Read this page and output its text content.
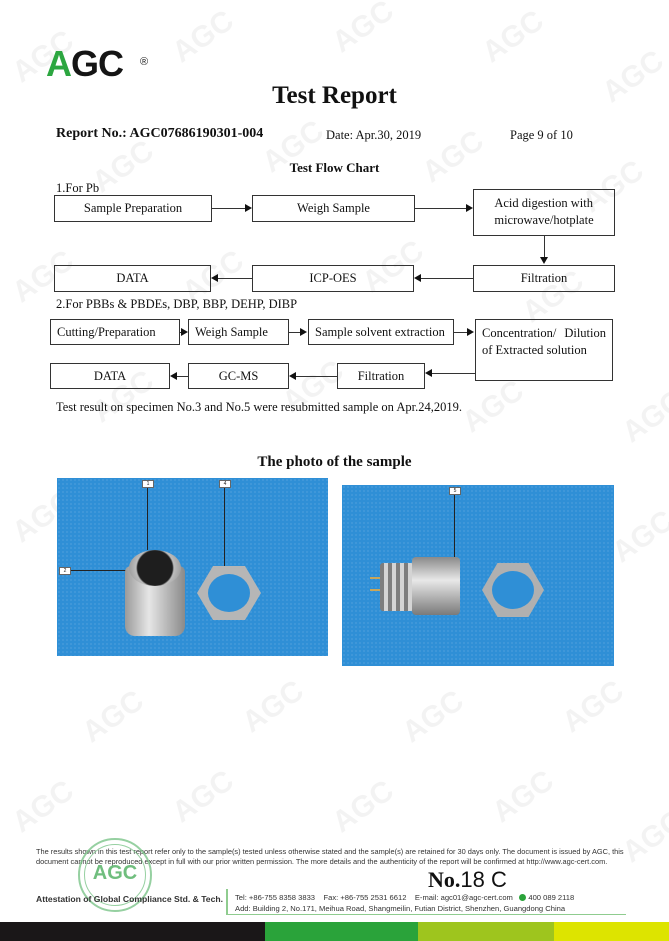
AGC ®
Test Report
Report No.: AGC07686190301-004	Date: Apr.30, 2019	Page 9 of 10
Test Flow Chart
1.For Pb
Sample Preparation	Weigh Sample	Acid digestion with
microwave/hotplate
Filtration
ICP-OES
DATA
2.For PBBs & PBDEs, DBP, BBP, DEHP, DIBP
Cutting/Preparation	Weigh Sample	Sample solvent extraction	Concentration/ Dilution
of Extracted solution
Filtration
GC-MS
DATA
Test result on specimen No.3 and No.5 were resubmitted sample on Apr.24,2019.
The photo of the sample
1	4
2
5
The results shown in this test report refer only to the sample(s) tested unless otherwise stated and the sample(s) are retained for 30 days only. The document is issued by AGC, this document cannot be reproduced except in full with our prior written permission. The more details and the authenticity of the report will be confirmed at http://www.agc-cert.com.
AGC
Attestation of Global Compliance Std. & Tech.
No.18 C
Tel: +86-755 8358 3833    Fax: +86-755 2531 6612    E-mail: agc01@agc-cert.com 400 089 2118
Add: Building 2, No.171, Meihua Road, Shangmeilin, Futian District, Shenzhen, Guangdong China
